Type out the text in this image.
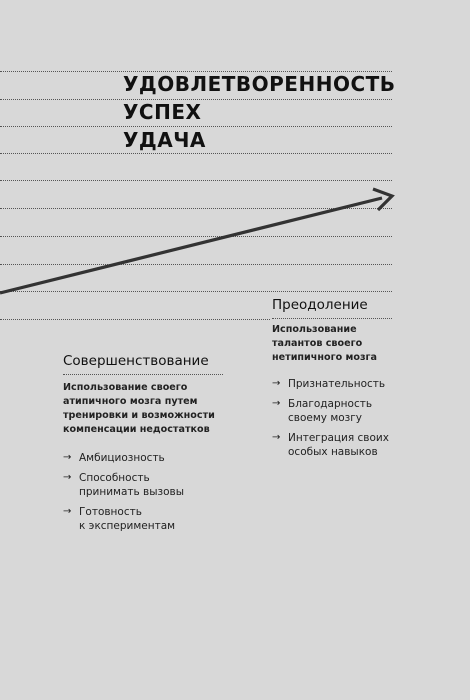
УДОВЛЕТВОРЕННОСТЬ
УСПЕХ
УДАЧА
Преодоление
Использование
талантов своего
нетипичного мозга
→ Признательность
→ Благодарность
своему мозгу
→ Интеграция своих
особых навыков
Совершенствование
Использование своего
атипичного мозга путем
тренировки и возможности
компенсации недостатков
→ Амбициозность
→ Способность
принимать вызовы
→ Готовность
к экспериментам
